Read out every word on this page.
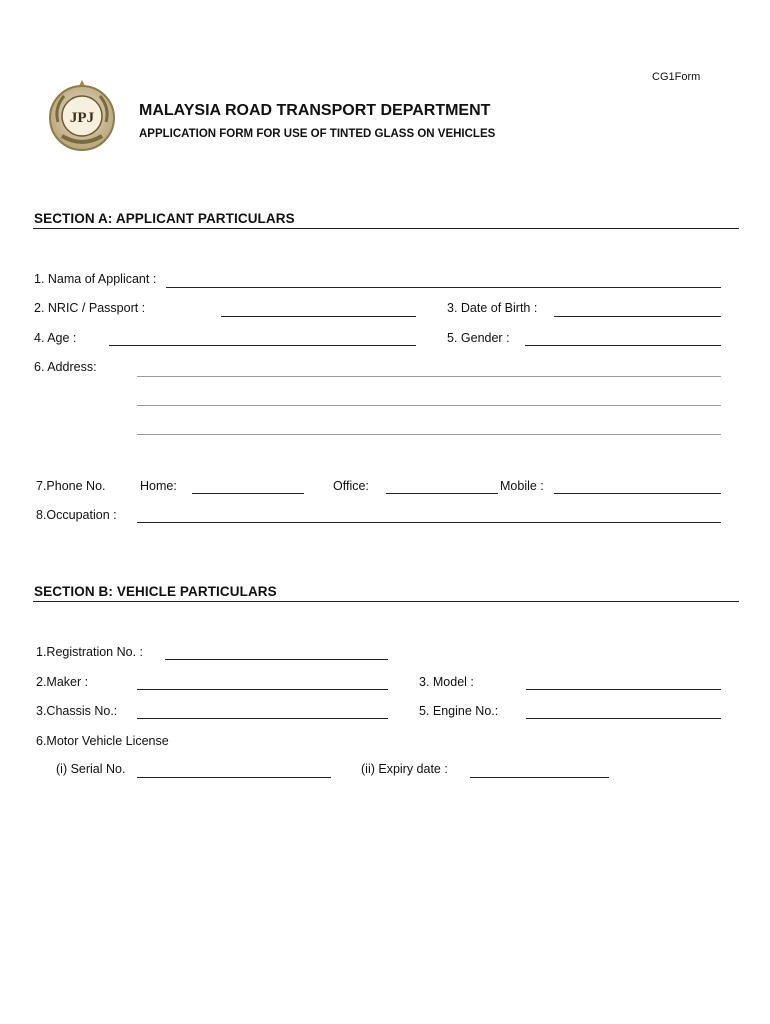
CG1Form
JPJ	MALAYSIA ROAD TRANSPORT DEPARTMENT
APPLICATION FORM FOR USE OF TINTED GLASS ON VEHICLES
SECTION A: APPLICANT PARTICULARS
1. Nama of Applicant :
2. NRIC / Passport :	3. Date of Birth :
4. Age :	5. Gender :
6. Address:
7.Phone No.	Home:	Office:	Mobile :
8.Occupation :
SECTION B: VEHICLE PARTICULARS
1.Registration No. :
2.Maker :	3. Model :
3.Chassis No.:	5. Engine No.:
6.Motor Vehicle License
(i) Serial No.	(ii) Expiry date :
